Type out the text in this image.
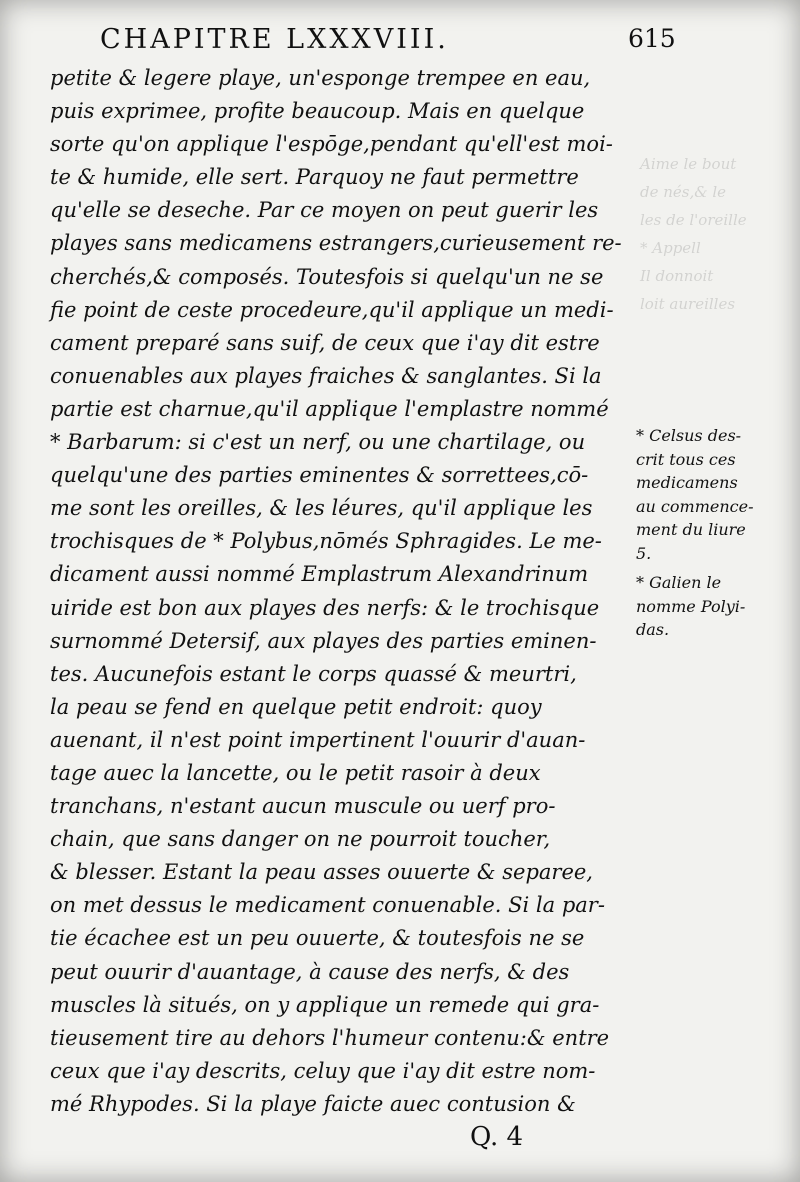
Aime le bout
de nés,& le
les de l'oreille
* Appell
Il donnoit
loit aureilles
CHAPITRE LXXXVIII.	615
petite & legere playe, un'esponge trempee en eau,
puis exprimee, profite beaucoup. Mais en quelque
sorte qu'on applique l'espōge,pendant qu'ell'est moi-
te & humide, elle sert. Parquoy ne faut permettre
qu'elle se deseche. Par ce moyen on peut guerir les
playes sans medicamens estrangers,curieusement re-
cherchés,& composés. Toutesfois si quelqu'un ne se
fie point de ceste procedeure,qu'il applique un medi-
cament preparé sans suif, de ceux que i'ay dit estre
conuenables aux playes fraiches & sanglantes. Si la
partie est charnue,qu'il applique l'emplastre nommé
* Barbarum: si c'est un nerf, ou une chartilage, ou
quelqu'une des parties eminentes & sorrettees,cō-
me sont les oreilles, & les léures, qu'il applique les
trochisques de * Polybus,nōmés Sphragides. Le me-
dicament aussi nommé Emplastrum Alexandrinum
uiride est bon aux playes des nerfs: & le trochisque
surnommé Detersif, aux playes des parties eminen-
tes. Aucunefois estant le corps quassé & meurtri,
la peau se fend en quelque petit endroit: quoy
auenant, il n'est point impertinent l'ouurir d'auan-
tage auec la lancette, ou le petit rasoir à deux
tranchans, n'estant aucun muscule ou uerf pro-
chain, que sans danger on ne pourroit toucher,
& blesser. Estant la peau asses ouuerte & separee,
on met dessus le medicament conuenable. Si la par-
tie écachee est un peu ouuerte, & toutesfois ne se
peut ouurir d'auantage, à cause des nerfs, & des
muscles là situés, on y applique un remede qui gra-
tieusement tire au dehors l'humeur contenu:& entre
ceux que i'ay descrits, celuy que i'ay dit estre nom-
mé Rhypodes. Si la playe faicte auec contusion &
* Celsus des-
crit tous ces
medicamens
au commence-
ment du liure
5.
* Galien le
nomme Polyi-
das.
Q. 4
